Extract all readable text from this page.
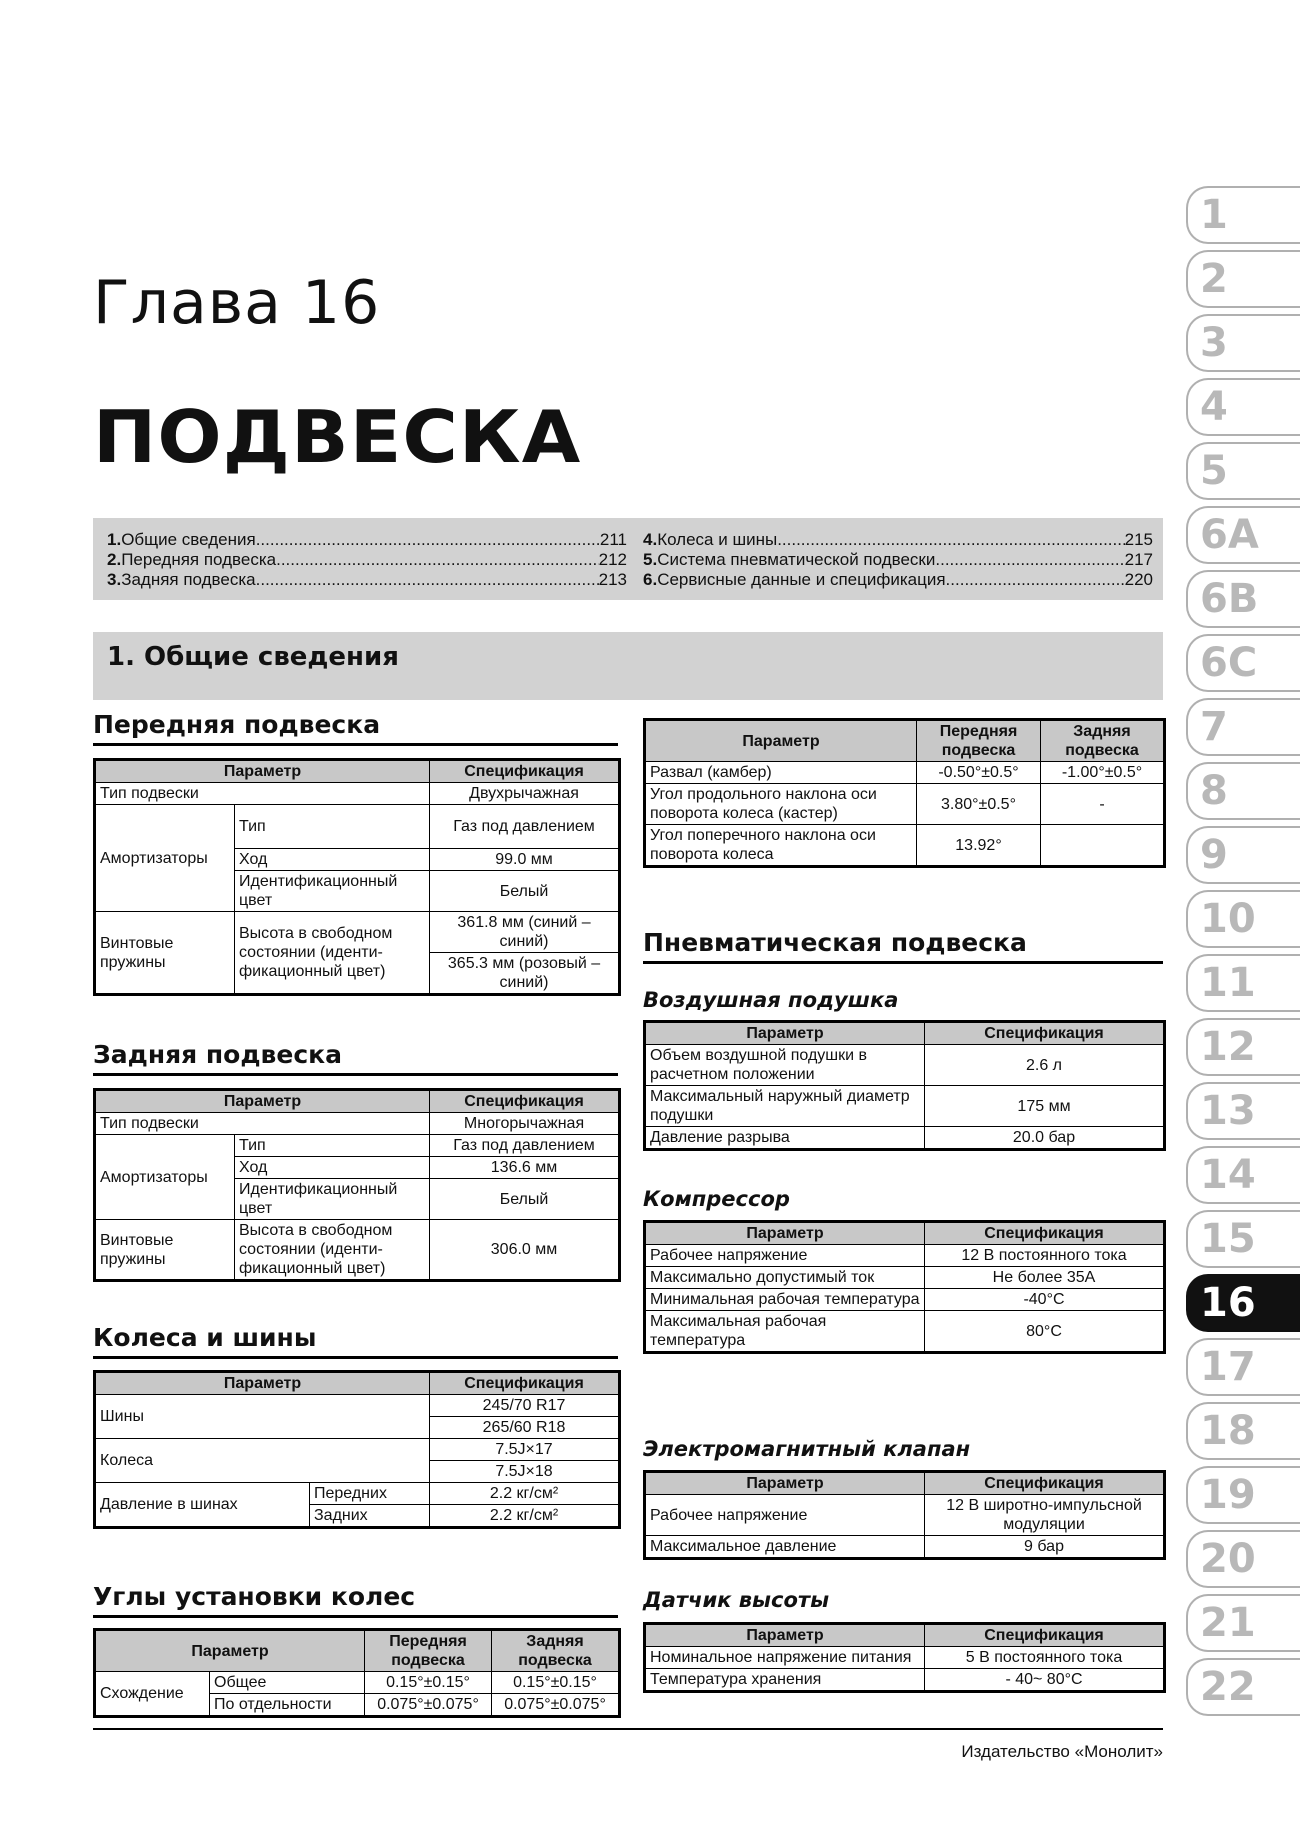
Глава 16
ПОДВЕСКА
1. Общие сведения .....	211
2. Передняя подвеска .....	212
3. Задняя подвеска .....	213
4. Колеса и шины .....	215
5. Система пневматической подвески .....	217
6. Сервисные данные и спецификация .....	220
1. Общие сведения
Передняя подвеска
Параметр		Спецификация
Тип подвески		Двухрычажная
Амортизаторы	Тип	Газ под давлением
	Ход	99.0 мм
	Идентификационный цвет	Белый
Винтовые пружины	Высота в свободном состоянии (иденти-фикационный цвет)	361.8 мм (синий – синий)
		365.3 мм (розовый – синий)
Задняя подвеска
Параметр		Спецификация
Тип подвески		Многорычажная
Амортизаторы	Тип	Газ под давлением
	Ход	136.6 мм
	Идентификационный цвет	Белый
Винтовые пружины	Высота в свободном состоянии (иденти-фикационный цвет)	306.0 мм
Колеса и шины
Параметр		Спецификация
Шины		245/70 R17
		265/60 R18
Колеса		7.5J×17
		7.5J×18
Давление в шинах	Передних	2.2 кг/см²
	Задних	2.2 кг/см²
Углы установки колес
Параметр		Передняя подвеска	Задняя подвеска
Схождение	Общее	0.15°±0.15°	0.15°±0.15°
	По отдельности	0.075°±0.075°	0.075°±0.075°
Параметр	Передняя подвеска	Задняя подвеска
Развал (камбер)	-0.50°±0.5°	-1.00°±0.5°
Угол продольного наклона оси поворота колеса (кастер)	3.80°±0.5°	-
Угол поперечного наклона оси поворота колеса	13.92°	
Пневматическая подвеска
Воздушная подушка
Параметр	Спецификация
Объем воздушной подушки в расчетном положении	2.6 л
Максимальный наружный диаметр подушки	175 мм
Давление разрыва	20.0 бар
Компрессор
Параметр	Спецификация
Рабочее напряжение	12 В постоянного тока
Максимально допустимый ток	Не более 35А
Минимальная рабочая температура	-40°С
Максимальная рабочая температура	80°С
Электромагнитный клапан
Параметр	Спецификация
Рабочее напряжение	12 В широтно-импульсной модуляции
Максимальное давление	9 бар
Датчик высоты
Параметр	Спецификация
Номинальное напряжение питания	5 В постоянного тока
Температура хранения	- 40~ 80°С
1
2
3
4
5
6A
6B
6C
7
8
9
10
11
12
13
14
15
16
17
18
19
20
21
22
Издательство «Монолит»
